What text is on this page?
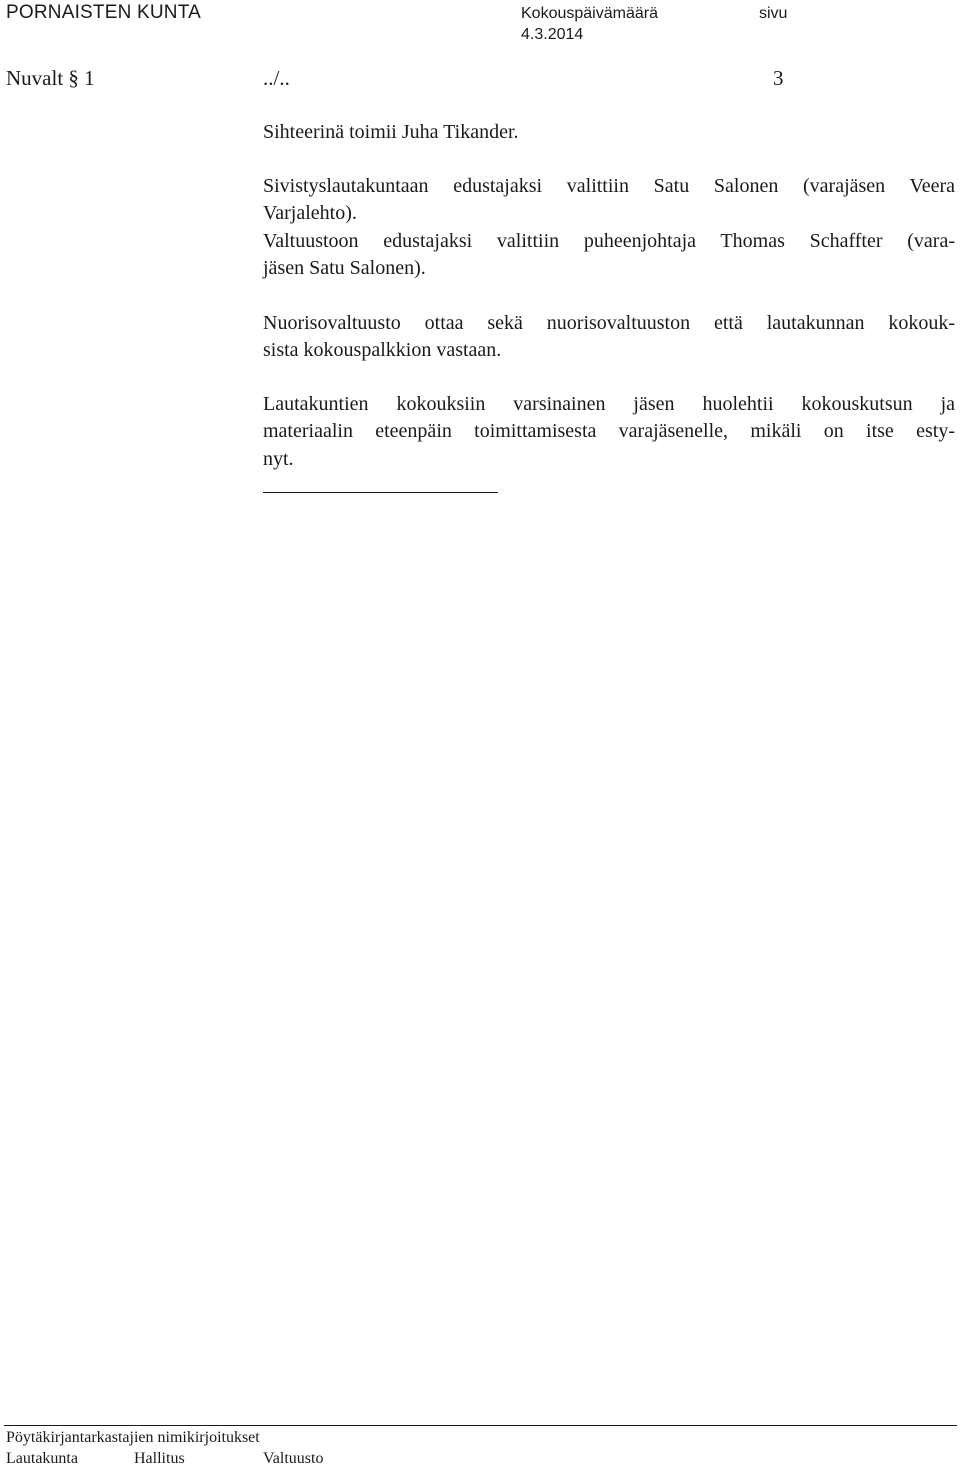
PORNAISTEN KUNTA	Kokouspäivämäärä	sivu
4.3.2014
Nuvalt § 1	../..	3
Sihteerinä toimii Juha Tikander.
Sivistyslautakuntaan edustajaksi valittiin Satu Salonen (varajäsen Veera
Varjalehto).
Valtuustoon edustajaksi valittiin puheenjohtaja Thomas Schaffter (vara-
jäsen Satu Salonen).
Nuorisovaltuusto ottaa sekä nuorisovaltuuston että lautakunnan kokouk-
sista kokouspalkkion vastaan.
Lautakuntien kokouksiin varsinainen jäsen huolehtii kokouskutsun ja
materiaalin eteenpäin toimittamisesta varajäsenelle, mikäli on itse esty-
nyt.
Pöytäkirjantarkastajien nimikirjoitukset
Lautakunta	Hallitus	Valtuusto
